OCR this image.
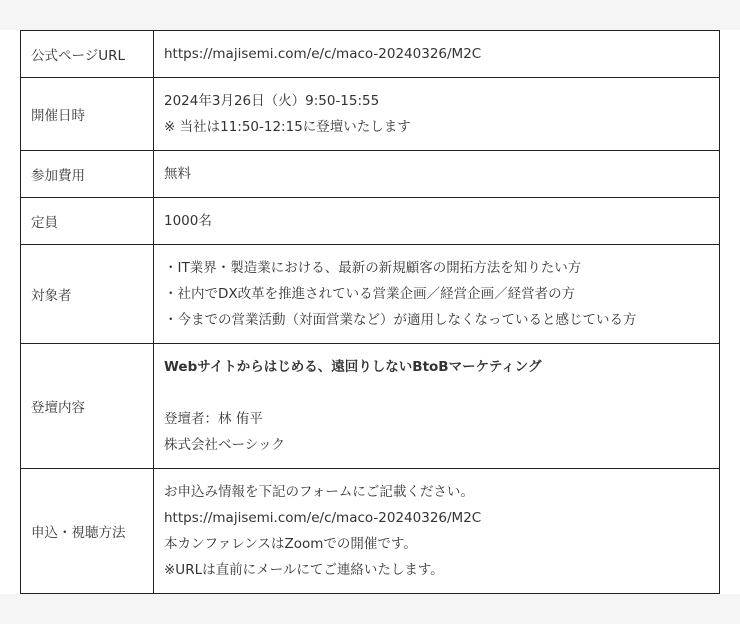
公式ページURL	https://majisemi.com/e/c/maco-20240326/M2C

開催日時	2024年3月26日（火）9:50-15:55
※ 当社は11:50-12:15に登壇いたします

参加費用	無料

定員	1000名

対象者	・IT業界・製造業における、最新の新規顧客の開拓方法を知りたい方
・社内でDX改革を推進されている営業企画／経営企画／経営者の方
・今までの営業活動（対面営業など）が適用しなくなっていると感じている方

登壇内容	Webサイトからはじめる、遠回りしないBtoBマーケティング
登壇者：林 侑平
株式会社ベーシック

申込・視聴方法	お申込み情報を下記のフォームにご記載ください。
https://majisemi.com/e/c/maco-20240326/M2C
本カンファレンスはZoomでの開催です。
※URLは直前にメールにてご連絡いたします。
